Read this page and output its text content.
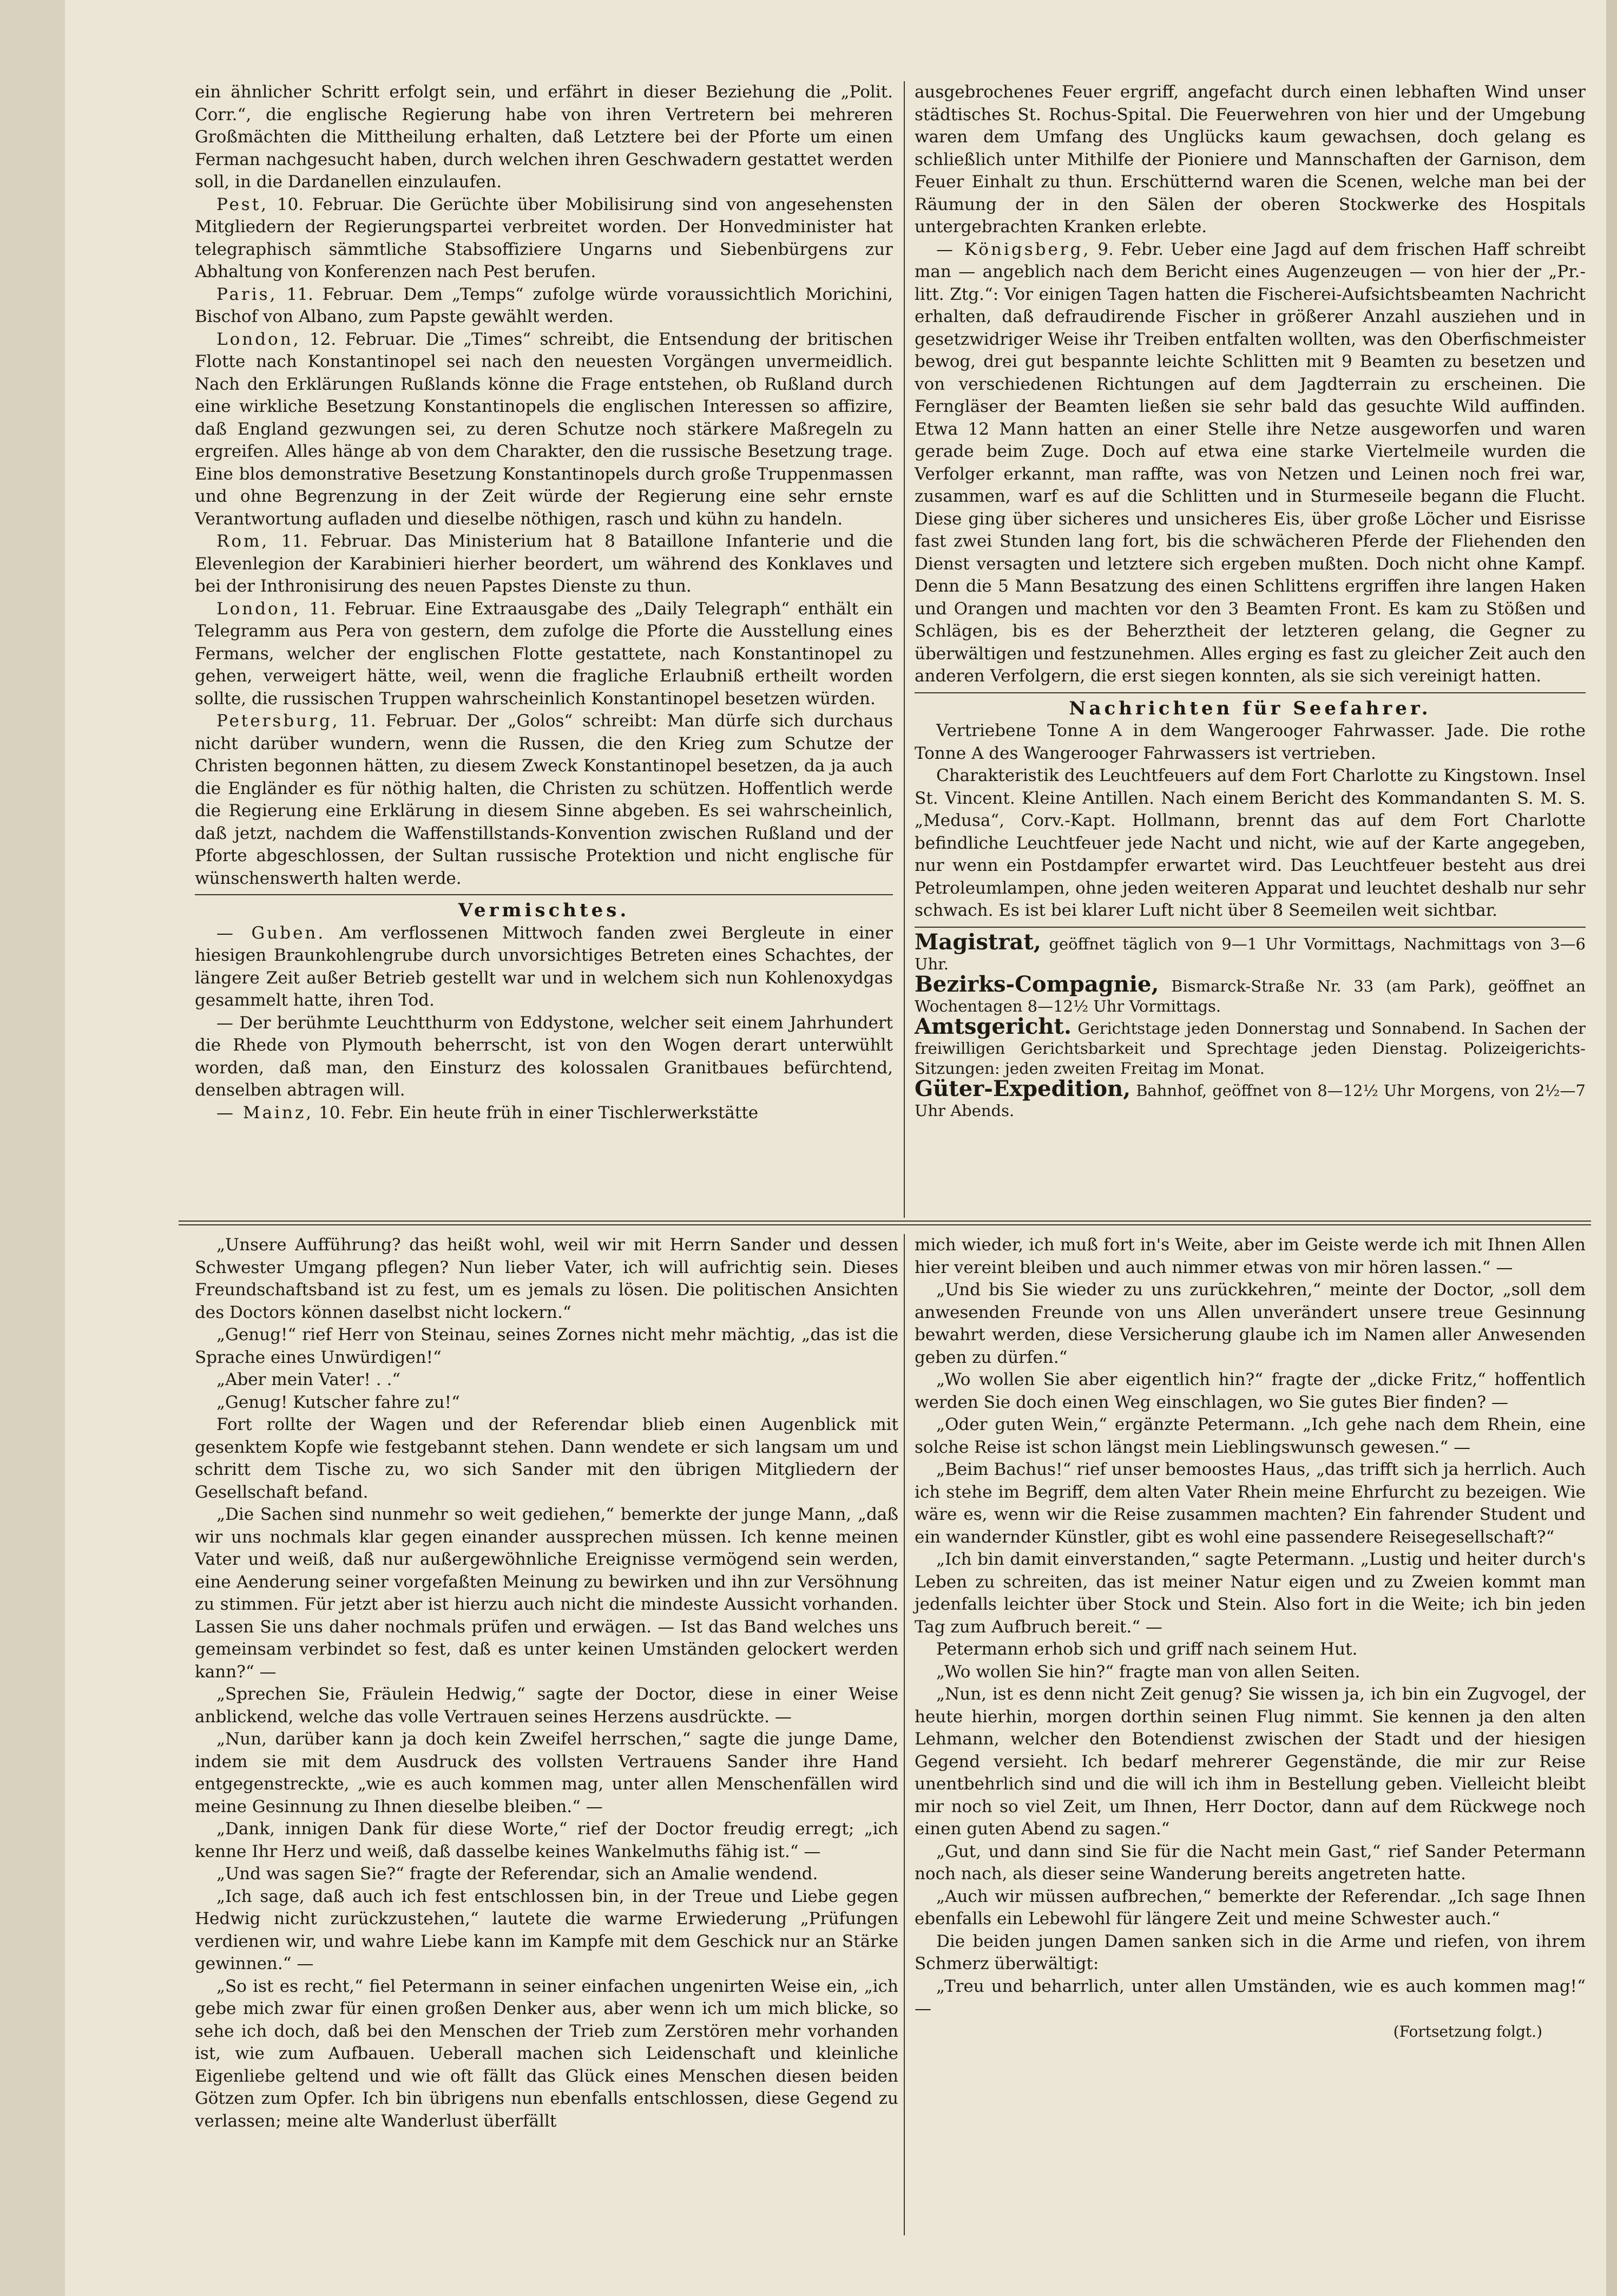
ein ähnlicher Schritt erfolgt sein, und erfährt in dieser Beziehung die „Polit. Corr.“, die englische Regierung habe von ihren Vertretern bei mehreren Großmächten die Mittheilung erhalten, daß Letztere bei der Pforte um einen Ferman nachgesucht haben, durch welchen ihren Geschwadern gestattet werden soll, in die Dardanellen einzulaufen.

Pest, 10. Februar. Die Gerüchte über Mobilisirung sind von angesehensten Mitgliedern der Regierungspartei verbreitet worden. Der Honvedminister hat telegraphisch sämmtliche Stabsoffiziere Ungarns und Siebenbürgens zur Abhaltung von Konferenzen nach Pest berufen.

Paris, 11. Februar. Dem „Temps“ zufolge würde voraussichtlich Morichini, Bischof von Albano, zum Papste gewählt werden.

London, 12. Februar. Die „Times“ schreibt, die Entsendung der britischen Flotte nach Konstantinopel sei nach den neuesten Vorgängen unvermeidlich. Nach den Erklärungen Rußlands könne die Frage entstehen, ob Rußland durch eine wirkliche Besetzung Konstantinopels die englischen Interessen so affizire, daß England gezwungen sei, zu deren Schutze noch stärkere Maßregeln zu ergreifen. Alles hänge ab von dem Charakter, den die russische Besetzung trage. Eine blos demonstrative Besetzung Konstantinopels durch große Truppenmassen und ohne Begrenzung in der Zeit würde der Regierung eine sehr ernste Verantwortung aufladen und dieselbe nöthigen, rasch und kühn zu handeln.

Rom, 11. Februar. Das Ministerium hat 8 Bataillone Infanterie und die Elevenlegion der Karabinieri hierher beordert, um während des Konklaves und bei der Inthronisirung des neuen Papstes Dienste zu thun.

London, 11. Februar. Eine Extraausgabe des „Daily Telegraph“ enthält ein Telegramm aus Pera von gestern, dem zufolge die Pforte die Ausstellung eines Fermans, welcher der englischen Flotte gestattete, nach Konstantinopel zu gehen, verweigert hätte, weil, wenn die fragliche Erlaubniß ertheilt worden sollte, die russischen Truppen wahrscheinlich Konstantinopel besetzen würden.

Petersburg, 11. Februar. Der „Golos“ schreibt: Man dürfe sich durchaus nicht darüber wundern, wenn die Russen, die den Krieg zum Schutze der Christen begonnen hätten, zu diesem Zweck Konstantinopel besetzen, da ja auch die Engländer es für nöthig halten, die Christen zu schützen. Hoffentlich werde die Regierung eine Erklärung in diesem Sinne abgeben. Es sei wahrscheinlich, daß jetzt, nachdem die Waffenstillstands-Konvention zwischen Rußland und der Pforte abgeschlossen, der Sultan russische Protektion und nicht englische für wünschenswerth halten werde.

Vermischtes.

— Guben. Am verflossenen Mittwoch fanden zwei Bergleute in einer hiesigen Braunkohlengrube durch unvorsichtiges Betreten eines Schachtes, der längere Zeit außer Betrieb gestellt war und in welchem sich nun Kohlenoxydgas gesammelt hatte, ihren Tod.

— Der berühmte Leuchtthurm von Eddystone, welcher seit einem Jahrhundert die Rhede von Plymouth beherrscht, ist von den Wogen derart unterwühlt worden, daß man, den Einsturz des kolossalen Granitbaues befürchtend, denselben abtragen will.

— Mainz, 10. Febr. Ein heute früh in einer Tischlerwerkstätte

ausgebrochenes Feuer ergriff, angefacht durch einen lebhaften Wind unser städtisches St. Rochus-Spital. Die Feuerwehren von hier und der Umgebung waren dem Umfang des Unglücks kaum gewachsen, doch gelang es schließlich unter Mithilfe der Pioniere und Mannschaften der Garnison, dem Feuer Einhalt zu thun. Erschütternd waren die Scenen, welche man bei der Räumung der in den Sälen der oberen Stockwerke des Hospitals untergebrachten Kranken erlebte.

— Königsberg, 9. Febr. Ueber eine Jagd auf dem frischen Haff schreibt man — angeblich nach dem Bericht eines Augenzeugen — von hier der „Pr.-litt. Ztg.“: Vor einigen Tagen hatten die Fischerei-Aufsichtsbeamten Nachricht erhalten, daß defraudirende Fischer in größerer Anzahl ausziehen und in gesetzwidriger Weise ihr Treiben entfalten wollten, was den Oberfischmeister bewog, drei gut bespannte leichte Schlitten mit 9 Beamten zu besetzen und von verschiedenen Richtungen auf dem Jagdterrain zu erscheinen. Die Ferngläser der Beamten ließen sie sehr bald das gesuchte Wild auffinden. Etwa 12 Mann hatten an einer Stelle ihre Netze ausgeworfen und waren gerade beim Zuge. Doch auf etwa eine starke Viertelmeile wurden die Verfolger erkannt, man raffte, was von Netzen und Leinen noch frei war, zusammen, warf es auf die Schlitten und in Sturmeseile begann die Flucht. Diese ging über sicheres und unsicheres Eis, über große Löcher und Eisrisse fast zwei Stunden lang fort, bis die schwächeren Pferde der Fliehenden den Dienst versagten und letztere sich ergeben mußten. Doch nicht ohne Kampf. Denn die 5 Mann Besatzung des einen Schlittens ergriffen ihre langen Haken und Orangen und machten vor den 3 Beamten Front. Es kam zu Stößen und Schlägen, bis es der Beherztheit der letzteren gelang, die Gegner zu überwältigen und festzunehmen. Alles erging es fast zu gleicher Zeit auch den anderen Verfolgern, die erst siegen konnten, als sie sich vereinigt hatten.

Nachrichten für Seefahrer.

Vertriebene Tonne A in dem Wangerooger Fahrwasser. Jade. Die rothe Tonne A des Wangerooger Fahrwassers ist vertrieben.

Charakteristik des Leuchtfeuers auf dem Fort Charlotte zu Kingstown. Insel St. Vincent. Kleine Antillen. Nach einem Bericht des Kommandanten S. M. S. „Medusa“, Corv.-Kapt. Hollmann, brennt das auf dem Fort Charlotte befindliche Leuchtfeuer jede Nacht und nicht, wie auf der Karte angegeben, nur wenn ein Postdampfer erwartet wird. Das Leuchtfeuer besteht aus drei Petroleumlampen, ohne jeden weiteren Apparat und leuchtet deshalb nur sehr schwach. Es ist bei klarer Luft nicht über 8 Seemeilen weit sichtbar.

Magistrat, geöffnet täglich von 9—1 Uhr Vormittags, Nachmittags von 3—6 Uhr.

Bezirks-Compagnie, Bismarck-Straße Nr. 33 (am Park), geöffnet an Wochentagen 8—12½ Uhr Vormittags.

Amtsgericht. Gerichtstage jeden Donnerstag und Sonnabend. In Sachen der freiwilligen Gerichtsbarkeit und Sprechtage jeden Dienstag. Polizeigerichts-Sitzungen: jeden zweiten Freitag im Monat.

Güter-Expedition, Bahnhof, geöffnet von 8—12½ Uhr Morgens, von 2½—7 Uhr Abends.

„Unsere Aufführung? das heißt wohl, weil wir mit Herrn Sander und dessen Schwester Umgang pflegen? Nun lieber Vater, ich will aufrichtig sein. Dieses Freundschaftsband ist zu fest, um es jemals zu lösen. Die politischen Ansichten des Doctors können daselbst nicht lockern.“

„Genug!“ rief Herr von Steinau, seines Zornes nicht mehr mächtig, „das ist die Sprache eines Unwürdigen!“

„Aber mein Vater! . .“

„Genug! Kutscher fahre zu!“

Fort rollte der Wagen und der Referendar blieb einen Augenblick mit gesenktem Kopfe wie festgebannt stehen. Dann wendete er sich langsam um und schritt dem Tische zu, wo sich Sander mit den übrigen Mitgliedern der Gesellschaft befand.

„Die Sachen sind nunmehr so weit gediehen,“ bemerkte der junge Mann, „daß wir uns nochmals klar gegen einander aussprechen müssen. Ich kenne meinen Vater und weiß, daß nur außergewöhnliche Ereignisse vermögend sein werden, eine Aenderung seiner vorgefaßten Meinung zu bewirken und ihn zur Versöhnung zu stimmen. Für jetzt aber ist hierzu auch nicht die mindeste Aussicht vorhanden. Lassen Sie uns daher nochmals prüfen und erwägen. — Ist das Band welches uns gemeinsam verbindet so fest, daß es unter keinen Umständen gelockert werden kann?“ —

„Sprechen Sie, Fräulein Hedwig,“ sagte der Doctor, diese in einer Weise anblickend, welche das volle Vertrauen seines Herzens ausdrückte. —

„Nun, darüber kann ja doch kein Zweifel herrschen,“ sagte die junge Dame, indem sie mit dem Ausdruck des vollsten Vertrauens Sander ihre Hand entgegenstreckte, „wie es auch kommen mag, unter allen Menschenfällen wird meine Gesinnung zu Ihnen dieselbe bleiben.“ —

„Dank, innigen Dank für diese Worte,“ rief der Doctor freudig erregt; „ich kenne Ihr Herz und weiß, daß dasselbe keines Wankelmuths fähig ist.“ —

„Und was sagen Sie?“ fragte der Referendar, sich an Amalie wendend.

„Ich sage, daß auch ich fest entschlossen bin, in der Treue und Liebe gegen Hedwig nicht zurückzustehen,“ lautete die warme Erwiederung „Prüfungen verdienen wir, und wahre Liebe kann im Kampfe mit dem Geschick nur an Stärke gewinnen.“ —

„So ist es recht,“ fiel Petermann in seiner einfachen ungenirten Weise ein, „ich gebe mich zwar für einen großen Denker aus, aber wenn ich um mich blicke, so sehe ich doch, daß bei den Menschen der Trieb zum Zerstören mehr vorhanden ist, wie zum Aufbauen. Ueberall machen sich Leidenschaft und kleinliche Eigenliebe geltend und wie oft fällt das Glück eines Menschen diesen beiden Götzen zum Opfer. Ich bin übrigens nun ebenfalls entschlossen, diese Gegend zu verlassen; meine alte Wanderlust überfällt

mich wieder, ich muß fort in's Weite, aber im Geiste werde ich mit Ihnen Allen hier vereint bleiben und auch nimmer etwas von mir hören lassen.“ —

„Und bis Sie wieder zu uns zurückkehren,“ meinte der Doctor, „soll dem anwesenden Freunde von uns Allen unverändert unsere treue Gesinnung bewahrt werden, diese Versicherung glaube ich im Namen aller Anwesenden geben zu dürfen.“

„Wo wollen Sie aber eigentlich hin?“ fragte der „dicke Fritz,“ hoffentlich werden Sie doch einen Weg einschlagen, wo Sie gutes Bier finden? —

„Oder guten Wein,“ ergänzte Petermann. „Ich gehe nach dem Rhein, eine solche Reise ist schon längst mein Lieblingswunsch gewesen.“ —

„Beim Bachus!“ rief unser bemoostes Haus, „das trifft sich ja herrlich. Auch ich stehe im Begriff, dem alten Vater Rhein meine Ehrfurcht zu bezeigen. Wie wäre es, wenn wir die Reise zusammen machten? Ein fahrender Student und ein wandernder Künstler, gibt es wohl eine passendere Reisegesellschaft?“

„Ich bin damit einverstanden,“ sagte Petermann. „Lustig und heiter durch's Leben zu schreiten, das ist meiner Natur eigen und zu Zweien kommt man jedenfalls leichter über Stock und Stein. Also fort in die Weite; ich bin jeden Tag zum Aufbruch bereit.“ —

Petermann erhob sich und griff nach seinem Hut.

„Wo wollen Sie hin?“ fragte man von allen Seiten.

„Nun, ist es denn nicht Zeit genug? Sie wissen ja, ich bin ein Zugvogel, der heute hierhin, morgen dorthin seinen Flug nimmt. Sie kennen ja den alten Lehmann, welcher den Botendienst zwischen der Stadt und der hiesigen Gegend versieht. Ich bedarf mehrerer Gegenstände, die mir zur Reise unentbehrlich sind und die will ich ihm in Bestellung geben. Vielleicht bleibt mir noch so viel Zeit, um Ihnen, Herr Doctor, dann auf dem Rückwege noch einen guten Abend zu sagen.“

„Gut, und dann sind Sie für die Nacht mein Gast,“ rief Sander Petermann noch nach, als dieser seine Wanderung bereits angetreten hatte.

„Auch wir müssen aufbrechen,“ bemerkte der Referendar. „Ich sage Ihnen ebenfalls ein Lebewohl für längere Zeit und meine Schwester auch.“

Die beiden jungen Damen sanken sich in die Arme und riefen, von ihrem Schmerz überwältigt:

„Treu und beharrlich, unter allen Umständen, wie es auch kommen mag!“ —

(Fortsetzung folgt.)
